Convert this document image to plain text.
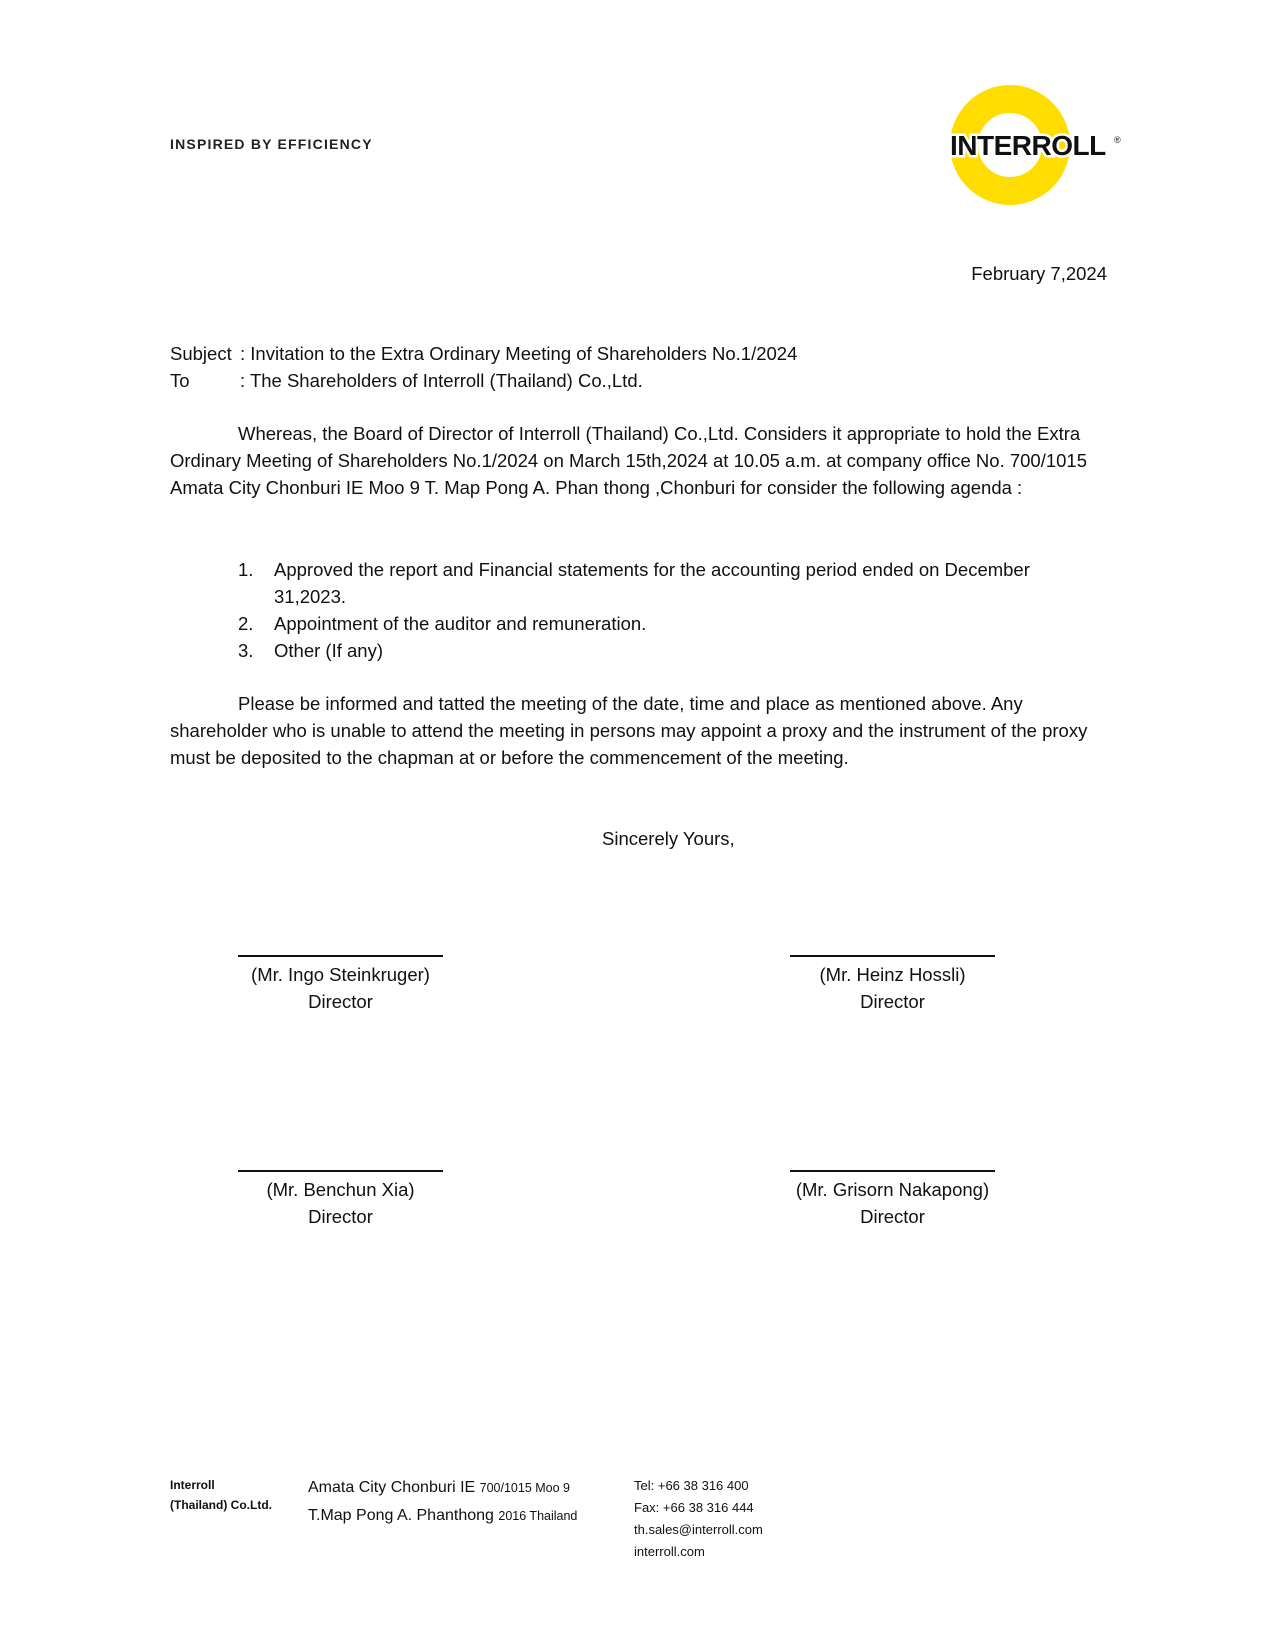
INSPIRED BY EFFICIENCY	INTERROLL ®
February 7,2024
Subject : Invitation to the Extra Ordinary Meeting of Shareholders No.1/2024
To	: The Shareholders of Interroll (Thailand) Co.,Ltd.
Whereas, the Board of Director of Interroll (Thailand) Co.,Ltd. Considers it appropriate to hold the Extra Ordinary Meeting of Shareholders No.1/2024 on March 15th,2024 at 10.05 a.m. at company office No. 700/1015 Amata City Chonburi IE Moo 9 T. Map Pong A. Phan thong ,Chonburi for consider the following agenda :
1.	Approved the report and Financial statements for the accounting period ended on December 31,2023.
2.	Appointment of the auditor and remuneration.
3.	Other (If any)
Please be informed and tatted the meeting of the date, time and place as mentioned above. Any shareholder who is unable to attend the meeting in persons may appoint a proxy and the instrument of the proxy must be deposited to the chapman at or before the commencement of the meeting.
Sincerely Yours,
(Mr. Ingo Steinkruger)
Director
(Mr. Heinz Hossli)
Director
(Mr. Benchun Xia)
Director
(Mr. Grisorn Nakapong)
Director
Interroll
(Thailand) Co.Ltd.
Amata City Chonburi IE 700/1015 Moo 9
T.Map Pong A. Phanthong 2016 Thailand
Tel: +66 38 316 400
Fax: +66 38 316 444
th.sales@interroll.com
interroll.com
